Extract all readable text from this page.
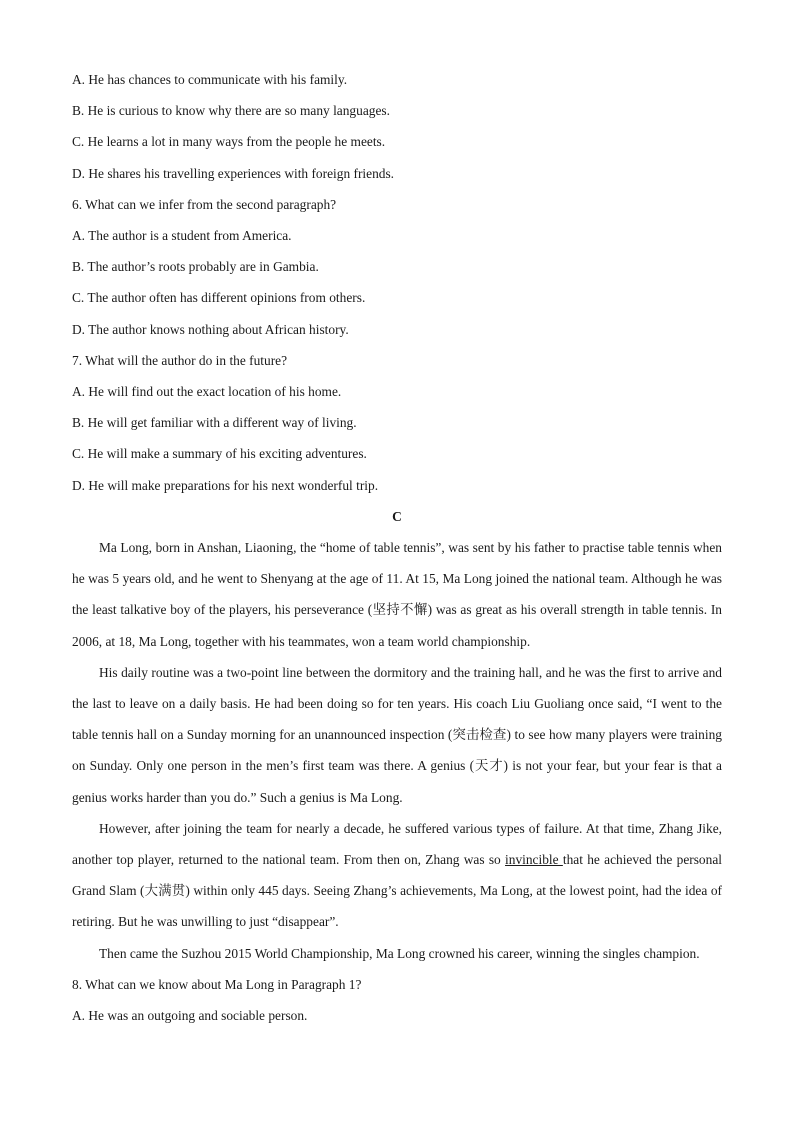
A. He has chances to communicate with his family.

B. He is curious to know why there are so many languages.

C. He learns a lot in many ways from the people he meets.

D. He shares his travelling experiences with foreign friends.

6. What can we infer from the second paragraph?

A. The author is a student from America.

B. The author’s roots probably are in Gambia.

C. The author often has different opinions from others.

D. The author knows nothing about African history.

7. What will the author do in the future?

A. He will find out the exact location of his home.

B. He will get familiar with a different way of living.

C. He will make a summary of his exciting adventures.

D. He will make preparations for his next wonderful trip.

C

Ma Long, born in Anshan, Liaoning, the “home of table tennis”, was sent by his father to practise table tennis when he was 5 years old, and he went to Shenyang at the age of 11. At 15, Ma Long joined the national team. Although he was the least talkative boy of the players, his perseverance (坚持不懈) was as great as his overall strength in table tennis. In 2006, at 18, Ma Long, together with his teammates, won a team world championship.

His daily routine was a two-point line between the dormitory and the training hall, and he was the first to arrive and the last to leave on a daily basis. He had been doing so for ten years. His coach Liu Guoliang once said, “I went to the table tennis hall on a Sunday morning for an unannounced inspection (突击检查) to see how many players were training on Sunday. Only one person in the men’s first team was there. A genius (天才) is not your fear, but your fear is that a genius works harder than you do.” Such a genius is Ma Long.

However, after joining the team for nearly a decade, he suffered various types of failure. At that time, Zhang Jike, another top player, returned to the national team. From then on, Zhang was so invincible that he achieved the personal Grand Slam (大满贯) within only 445 days. Seeing Zhang’s achievements, Ma Long, at the lowest point, had the idea of retiring. But he was unwilling to just “disappear”.

Then came the Suzhou 2015 World Championship, Ma Long crowned his career, winning the singles champion.

8. What can we know about Ma Long in Paragraph 1?

A. He was an outgoing and sociable person.
